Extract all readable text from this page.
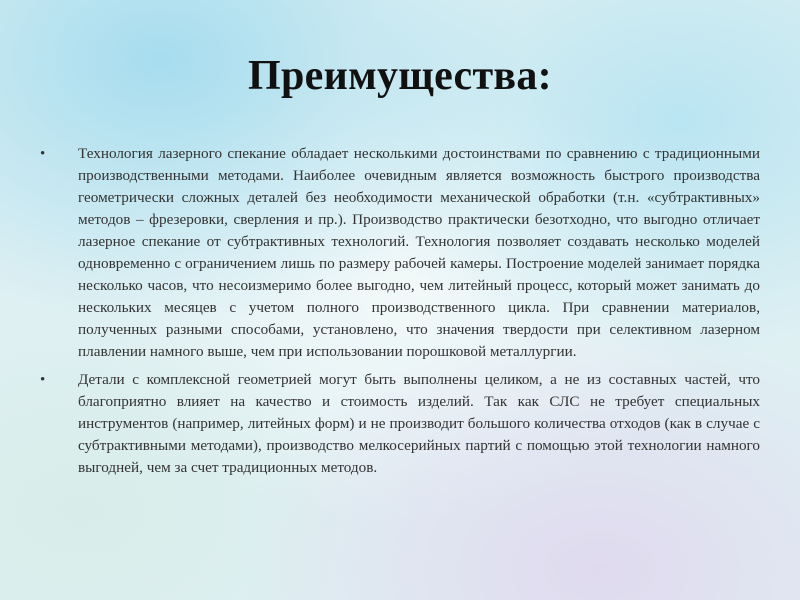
Преимущества:
•	Технология лазерного спекание обладает несколькими достоинствами по сравнению с традиционными производственными методами. Наиболее очевидным является возможность быстрого производства геометрически сложных деталей без необходимости механической обработки (т.н. «субтрактивных» методов – фрезеровки, сверления и пр.). Производство практически безотходно, что выгодно отличает лазерное спекание от субтрактивных технологий. Технология позволяет создавать несколько моделей одновременно с ограничением лишь по размеру рабочей камеры. Построение моделей занимает порядка несколько часов, что несоизмеримо более выгодно, чем литейный процесс, который может занимать до нескольких месяцев с учетом полного производственного цикла. При сравнении материалов, полученных разными способами, установлено, что значения твердости при селективном лазерном плавлении намного выше, чем при использовании порошковой металлургии.
•	Детали с комплексной геометрией могут быть выполнены целиком, а не из составных частей, что благоприятно влияет на качество и стоимость изделий. Так как СЛС не требует специальных инструментов (например, литейных форм) и не производит большого количества отходов (как в случае с субтрактивными методами), производство мелкосерийных партий с помощью этой технологии намного выгодней, чем за счет традиционных методов.
